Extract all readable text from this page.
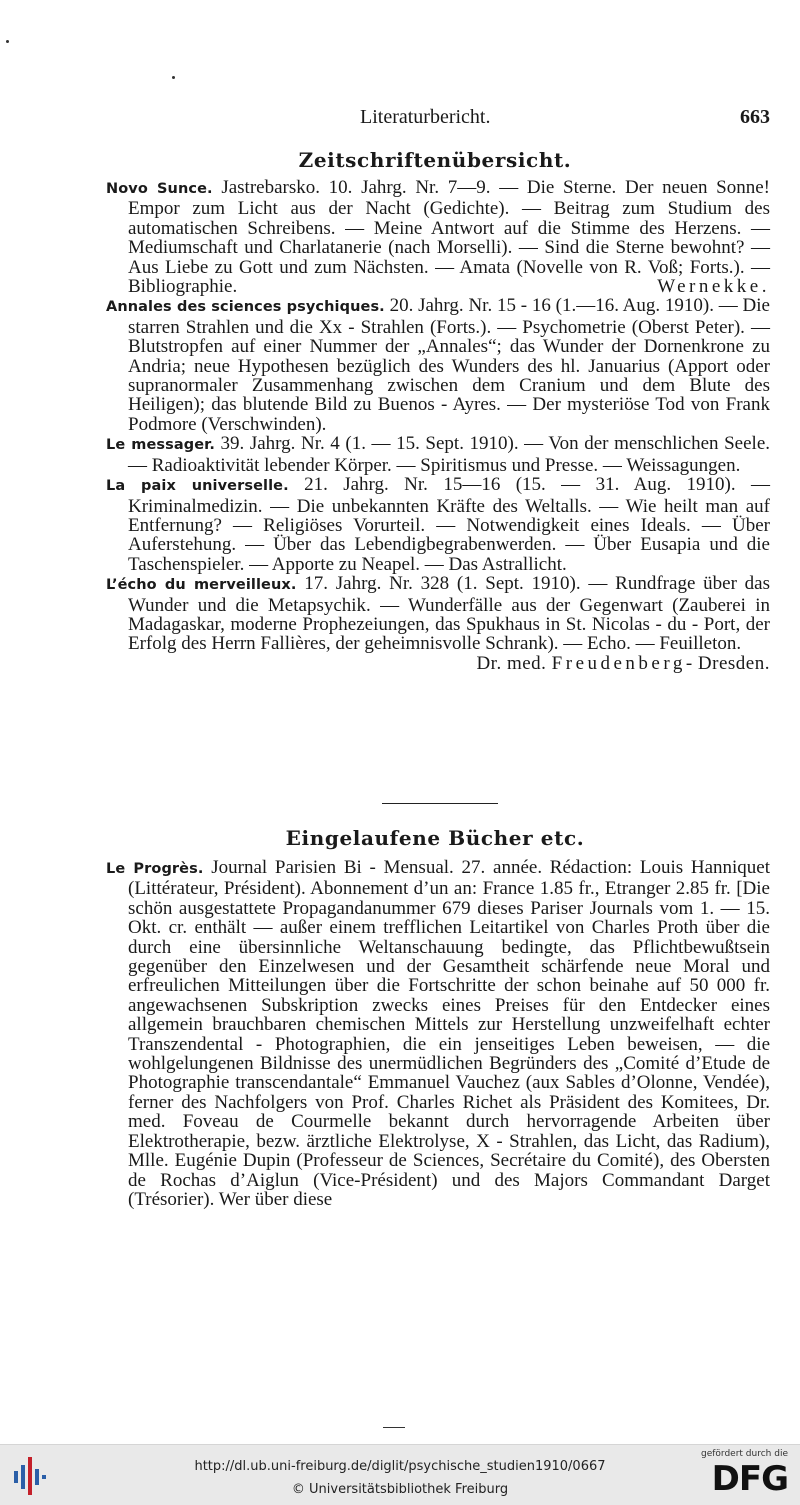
Literaturbericht.	663
Zeitschriftenübersicht.

Novo Sunce. Jastrebarsko. 10. Jahrg. Nr. 7—9. — Die Sterne. Der neuen Sonne! Empor zum Licht aus der Nacht (Gedichte). — Beitrag zum Studium des automatischen Schreibens. — Meine Antwort auf die Stimme des Herzens. — Mediumschaft und Charlatanerie (nach Morselli). — Sind die Sterne bewohnt? — Aus Liebe zu Gott und zum Nächsten. — Amata (Novelle von R. Voß; Forts.). — Bibliographie.	Wernekke.

Annales des sciences psychiques. 20. Jahrg. Nr. 15 - 16 (1.—16. Aug. 1910). — Die starren Strahlen und die Xx - Strahlen (Forts.). — Psychometrie (Oberst Peter). — Blutstropfen auf einer Nummer der „Annales“; das Wunder der Dornenkrone zu Andria; neue Hypothesen bezüglich des Wunders des hl. Januarius (Apport oder supranormaler Zusammenhang zwischen dem Cranium und dem Blute des Heiligen); das blutende Bild zu Buenos - Ayres. — Der mysteriöse Tod von Frank Podmore (Verschwinden).

Le messager. 39. Jahrg. Nr. 4 (1. — 15. Sept. 1910). — Von der menschlichen Seele. — Radioaktivität lebender Körper. — Spiritismus und Presse. — Weissagungen.

La paix universelle. 21. Jahrg. Nr. 15—16 (15. — 31. Aug. 1910). — Kriminalmedizin. — Die unbekannten Kräfte des Weltalls. — Wie heilt man auf Entfernung? — Religiöses Vorurteil. — Notwendigkeit eines Ideals. — Über Auferstehung. — Über das Lebendigbegrabenwerden. — Über Eusapia und die Taschenspieler. — Apporte zu Neapel. — Das Astrallicht.

L’écho du merveilleux. 17. Jahrg. Nr. 328 (1. Sept. 1910). — Rundfrage über das Wunder und die Metapsychik. — Wunderfälle aus der Gegenwart (Zauberei in Madagaskar, moderne Prophezeiungen, das Spukhaus in St. Nicolas - du - Port, der Erfolg des Herrn Fallières, der geheimnisvolle Schrank). — Echo. — Feuilleton.
Dr. med. Freudenberg- Dresden.

Eingelaufene Bücher etc.

Le Progrès. Journal Parisien Bi - Mensual. 27. année. Rédaction: Louis Hanniquet (Littérateur, Président). Abonnement d’un an: France 1.85 fr., Etranger 2.85 fr. [Die schön ausgestattete Propagandanummer 679 dieses Pariser Journals vom 1. — 15. Okt. cr. enthält — außer einem trefflichen Leitartikel von Charles Proth über die durch eine übersinnliche Weltanschauung bedingte, das Pflichtbewußtsein gegenüber den Einzelwesen und der Gesamtheit schärfende neue Moral und erfreulichen Mitteilungen über die Fortschritte der schon beinahe auf 50 000 fr. angewachsenen Subskription zwecks eines Preises für den Entdecker eines allgemein brauchbaren chemischen Mittels zur Herstellung unzweifelhaft echter Transzendental - Photographien, die ein jenseitiges Leben beweisen, — die wohlgelungenen Bildnisse des unermüdlichen Begründers des „Comité d’Etude de Photographie transcendantale“ Emmanuel Vauchez (aux Sables d’Olonne, Vendée), ferner des Nachfolgers von Prof. Charles Richet als Präsident des Komitees, Dr. med. Foveau de Courmelle bekannt durch hervorragende Arbeiten über Elektrotherapie, bezw. ärztliche Elektrolyse, X - Strahlen, das Licht, das Radium), Mlle. Eugénie Dupin (Professeur de Sciences, Secrétaire du Comité), des Obersten de Rochas d’Aiglun (Vice-Président) und des Majors Commandant Darget (Trésorier). Wer über diese

http://dl.ub.uni-freiburg.de/diglit/psychische_studien1910/0667
© Universitätsbibliothek Freiburg
gefördert durch die
DFG
